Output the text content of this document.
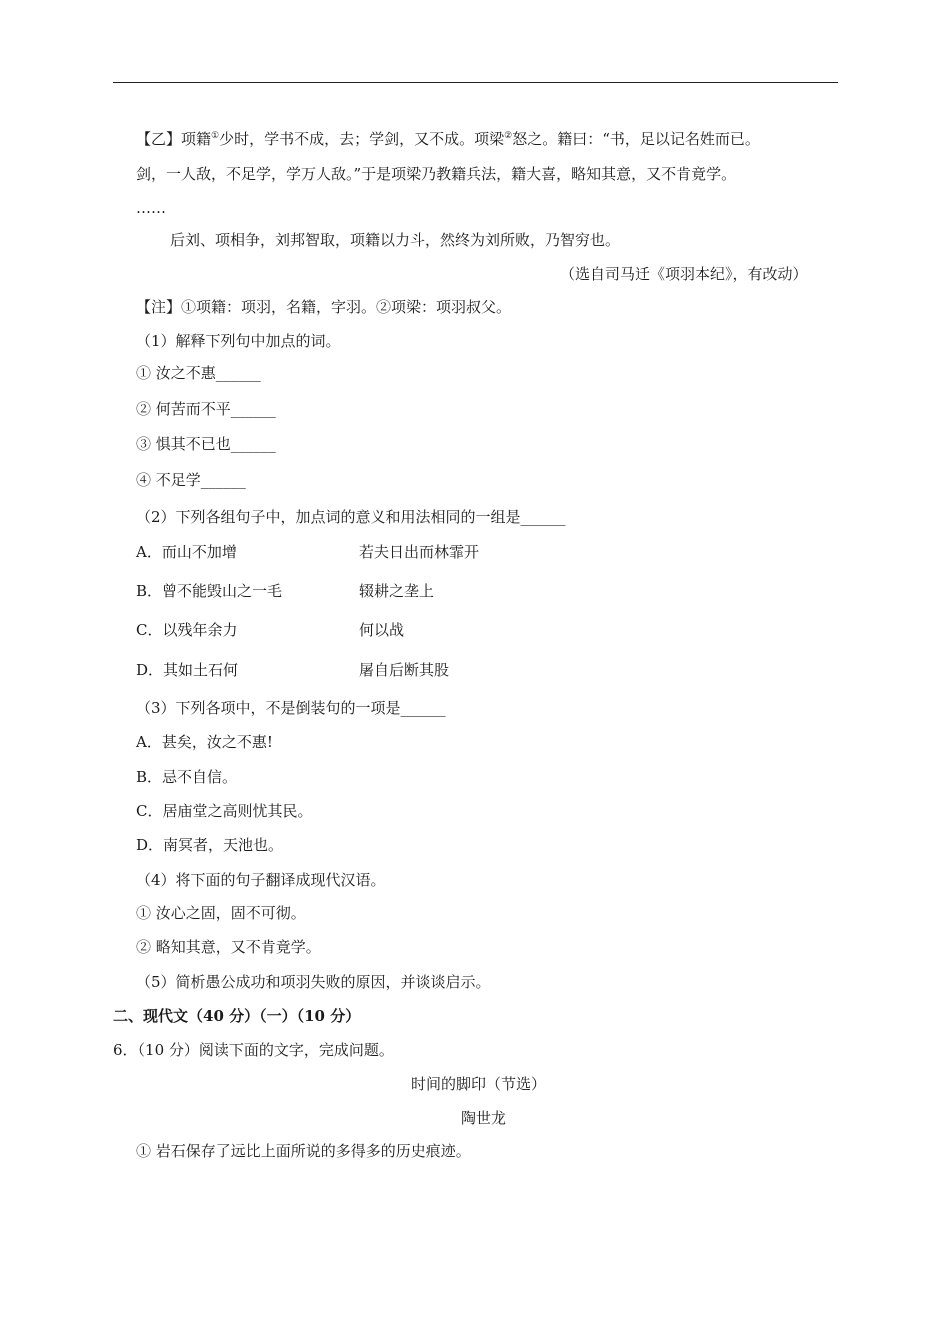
【乙】项籍①少时，学书不成，去；学剑，又不成。项梁②怒之。籍曰：“书，足以记名姓而已。
剑，一人敌，不足学，学万人敌。”于是项梁乃教籍兵法，籍大喜，略知其意，又不肯竟学。
……
后刘、项相争，刘邦智取，项籍以力斗，然终为刘所败，乃智穷也。
（选自司马迁《项羽本纪》，有改动）
【注】①项籍：项羽，名籍，字羽。②项梁：项羽叔父。
（1）解释下列句中加点的词。
① 汝之不惠______
② 何苦而不平______
③ 惧其不已也______
④ 不足学______
（2）下列各组句子中，加点词的意义和用法相同的一组是______
A．而山不加增	若夫日出而林霏开
B．曾不能毁山之一毛	辍耕之垄上
C．以残年余力	何以战
D．其如土石何	屠自后断其股
（3）下列各项中，不是倒装句的一项是______
A．甚矣，汝之不惠!
B．忌不自信。
C．居庙堂之高则忧其民。
D．南冥者，天池也。
（4）将下面的句子翻译成现代汉语。
① 汝心之固，固不可彻。
② 略知其意，又不肯竟学。
（5）简析愚公成功和项羽失败的原因，并谈谈启示。
二、现代文（40 分）（一）（10 分）
6．（10 分）阅读下面的文字，完成问题。
时间的脚印（节选）
陶世龙
① 岩石保存了远比上面所说的多得多的历史痕迹。
